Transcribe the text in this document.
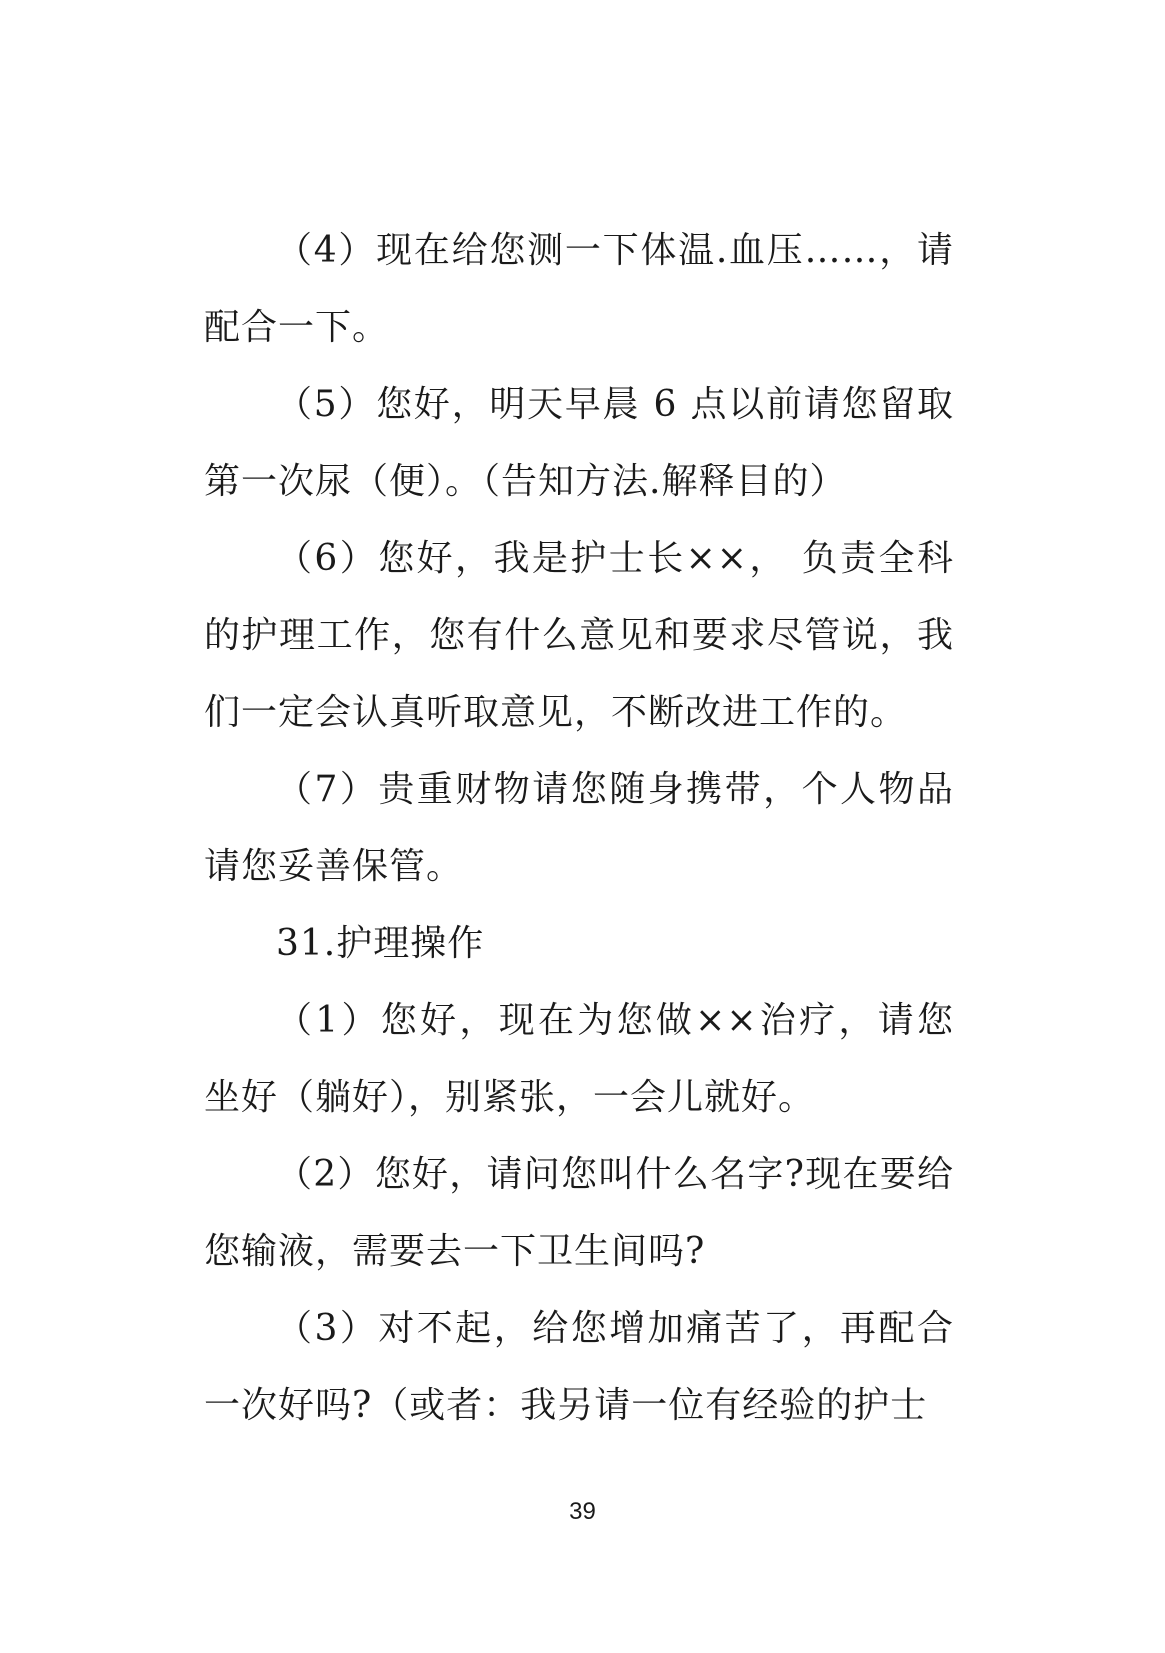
（4）现在给您测一下体温.血压……，请配合一下。

（5）您好，明天早晨 6 点以前请您留取第一次尿（便）。（告知方法.解释目的）

（6）您好，我是护士长××， 负责全科的护理工作，您有什么意见和要求尽管说，我们一定会认真听取意见，不断改进工作的。

（7）贵重财物请您随身携带，个人物品请您妥善保管。

31.护理操作

（1）您好，现在为您做××治疗，请您坐好（躺好），别紧张，一会儿就好。

（2）您好，请问您叫什么名字?现在要给您输液，需要去一下卫生间吗?

（3）对不起，给您增加痛苦了，再配合一次好吗?（或者：我另请一位有经验的护士

39
